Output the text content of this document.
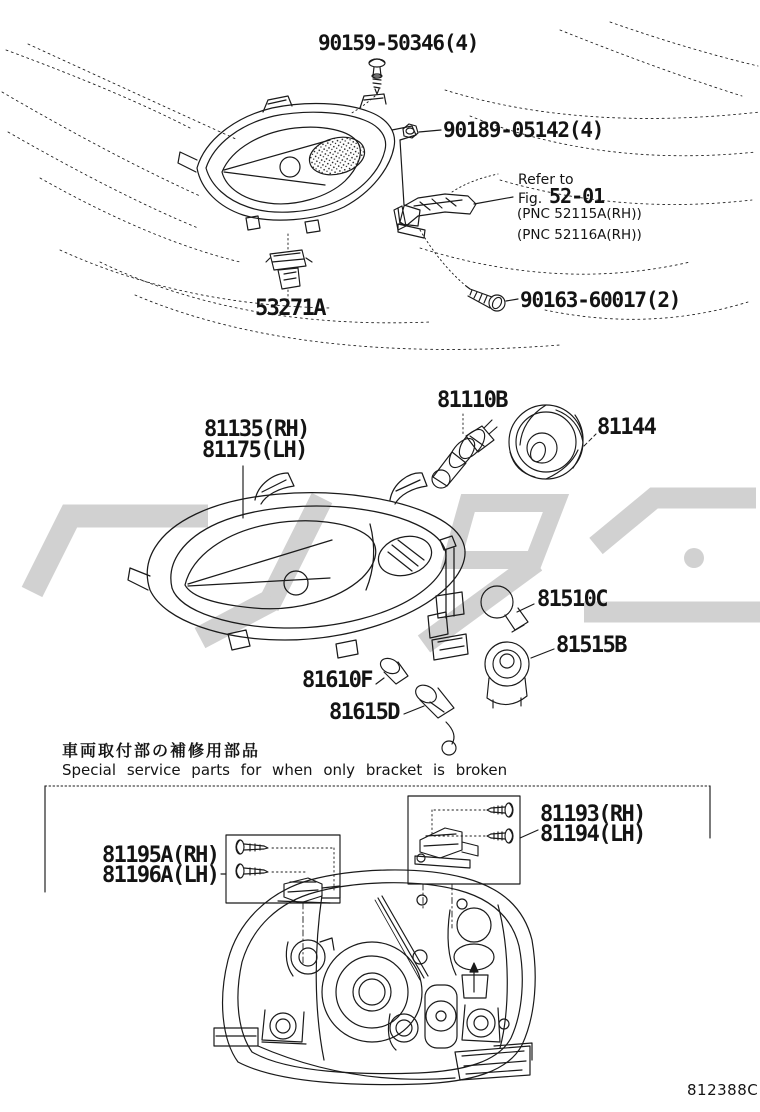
90159-50346(4)
90189-05142(4)
Refer to
Fig. 52-01
(PNC 52115A(RH))
(PNC 52116A(RH))
53271A	90163-60017(2)
81110B
81144
81135(RH)
81175(LH)
81510C
81515B
81610F
81615D
車両取付部の補修用部品
Special service parts for when only bracket is broken
81193(RH)
81194(LH)
81195A(RH)
81196A(LH)
812388C
